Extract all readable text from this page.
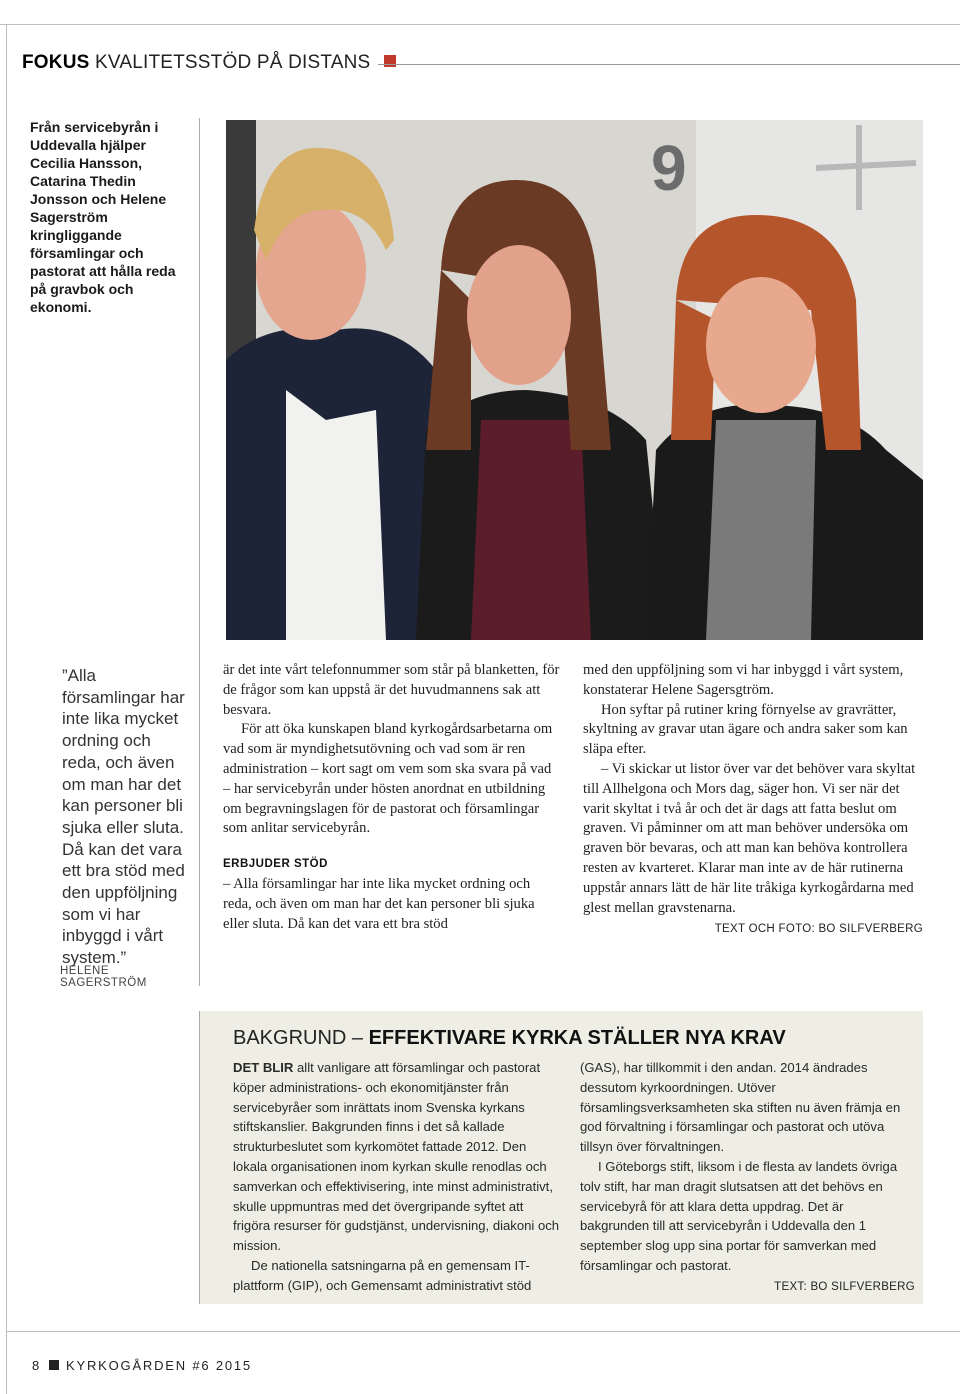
FOKUS KVALITETSSTÖD PÅ DISTANS
Från servicebyrån i Uddevalla hjälper Cecilia Hansson, Catarina Thedin Jonsson och Helene Sagerström kringliggande församlingar och pastorat att hålla reda på gravbok och ekonomi.
9
”Alla församlingar har inte lika mycket ordning och reda, och även om man har det kan personer bli sjuka eller sluta. Då kan det vara ett bra stöd med den uppföljning som vi har inbyggd i vårt system.”
HELENE SAGERSTRÖM

är det inte vårt telefonnummer som står på blanketten, för de frågor som kan uppstå är det huvudmannens sak att besvara.

För att öka kunskapen bland kyrkogårdsarbetarna om vad som är myndighetsutövning och vad som är ren administration – kort sagt om vem som ska svara på vad – har servicebyrån under hösten anordnat en utbildning om begravningslagen för de pastorat och församlingar som anlitar servicebyrån.

ERBJUDER STÖD

– Alla församlingar har inte lika mycket ordning och reda, och även om man har det kan personer bli sjuka eller sluta. Då kan det vara ett bra stöd

med den uppföljning som vi har inbyggd i vårt system, konstaterar Helene Sagersgtröm.

Hon syftar på rutiner kring förnyelse av gravrätter, skyltning av gravar utan ägare och andra saker som kan släpa efter.

– Vi skickar ut listor över var det behöver vara skyltat till Allhelgona och Mors dag, säger hon. Vi ser när det varit skyltat i två år och det är dags att fatta beslut om graven. Vi påminner om att man behöver undersöka om graven bör bevaras, och att man kan behöva kontrollera resten av kvarteret. Klarar man inte av de här rutinerna uppstår annars lätt de här lite tråkiga kyrkogårdarna med glest mellan gravstenarna.

TEXT OCH FOTO: BO SILFVERBERG

BAKGRUND – EFFEKTIVARE KYRKA STÄLLER NYA KRAV

DET BLIR allt vanligare att församlingar och pastorat köper administrations- och ekonomitjänster från servicebyråer som inrättats inom Svenska kyrkans stiftskanslier. Bakgrunden finns i det så kallade strukturbeslutet som kyrkomötet fattade 2012. Den lokala organisationen inom kyrkan skulle renodlas och samverkan och effektivisering, inte minst administrativt, skulle uppmuntras med det övergripande syftet att frigöra resurser för gudstjänst, undervisning, diakoni och mission.

De nationella satsningarna på en gemensam IT-plattform (GIP), och Gemensamt administrativt stöd

(GAS), har tillkommit i den andan. 2014 ändrades dessutom kyrkoordningen. Utöver församlingsverksamheten ska stiften nu även främja en god förvaltning i församlingar och pastorat och utöva tillsyn över förvaltningen.

I Göteborgs stift, liksom i de flesta av landets övriga tolv stift, har man dragit slutsatsen att det behövs en servicebyrå för att klara detta uppdrag. Det är bakgrunden till att servicebyrån i Uddevalla den 1 september slog upp sina portar för samverkan med församlingar och pastorat.

TEXT: BO SILFVERBERG

8 KYRKOGÅRDEN #6 2015
